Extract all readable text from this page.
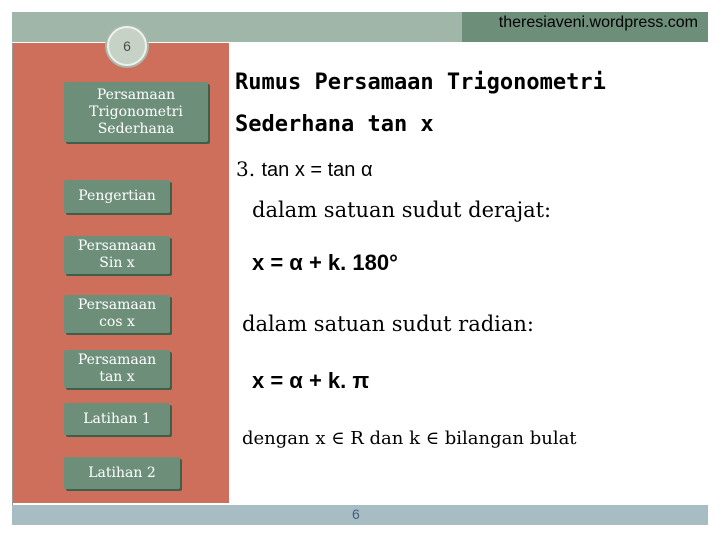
theresiaveni.wordpress.com
6
Persamaan
Trigonometri
Sederhana
Pengertian
Persamaan
Sin x
Persamaan
cos x
Persamaan
tan x
Latihan 1
Latihan 2
Rumus Persamaan Trigonometri
Sederhana tan x
3. tan x = tan α
dalam satuan sudut derajat:
x = α + k. 180°
dalam satuan sudut radian:
x = α + k. π
dengan x ∈ R dan k ∈ bilangan bulat
6
